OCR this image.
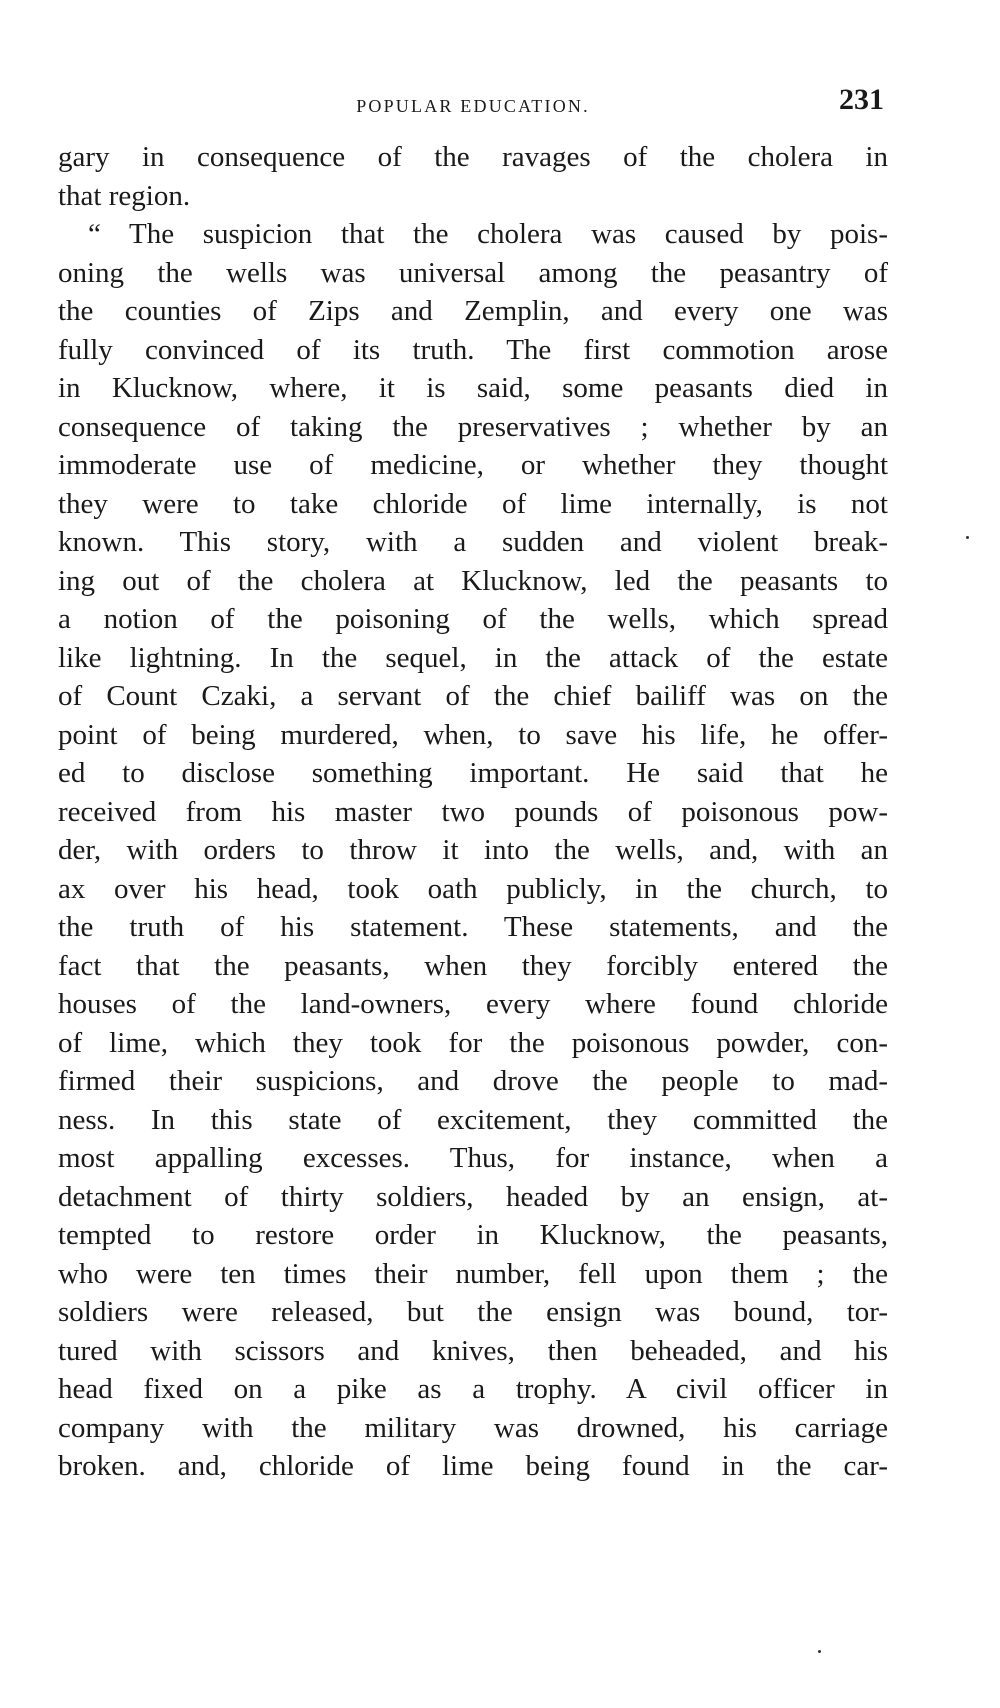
POPULAR EDUCATION.	231
gary in consequence of the ravages of the cholera in
that region.
“ The suspicion that the cholera was caused by pois-
oning the wells was universal among the peasantry of
the counties of Zips and Zemplin, and every one was
fully convinced of its truth. The first commotion arose
in Klucknow, where, it is said, some peasants died in
consequence of taking the preservatives ; whether by an
immoderate use of medicine, or whether they thought
they were to take chloride of lime internally, is not
known. This story, with a sudden and violent break-
ing out of the cholera at Klucknow, led the peasants to
a notion of the poisoning of the wells, which spread
like lightning. In the sequel, in the attack of the estate
of Count Czaki, a servant of the chief bailiff was on the
point of being murdered, when, to save his life, he offer-
ed to disclose something important. He said that he
received from his master two pounds of poisonous pow-
der, with orders to throw it into the wells, and, with an
ax over his head, took oath publicly, in the church, to
the truth of his statement. These statements, and the
fact that the peasants, when they forcibly entered the
houses of the land-owners, every where found chloride
of lime, which they took for the poisonous powder, con-
firmed their suspicions, and drove the people to mad-
ness. In this state of excitement, they committed the
most appalling excesses. Thus, for instance, when a
detachment of thirty soldiers, headed by an ensign, at-
tempted to restore order in Klucknow, the peasants,
who were ten times their number, fell upon them ; the
soldiers were released, but the ensign was bound, tor-
tured with scissors and knives, then beheaded, and his
head fixed on a pike as a trophy. A civil officer in
company with the military was drowned, his carriage
broken. and, chloride of lime being found in the car-
